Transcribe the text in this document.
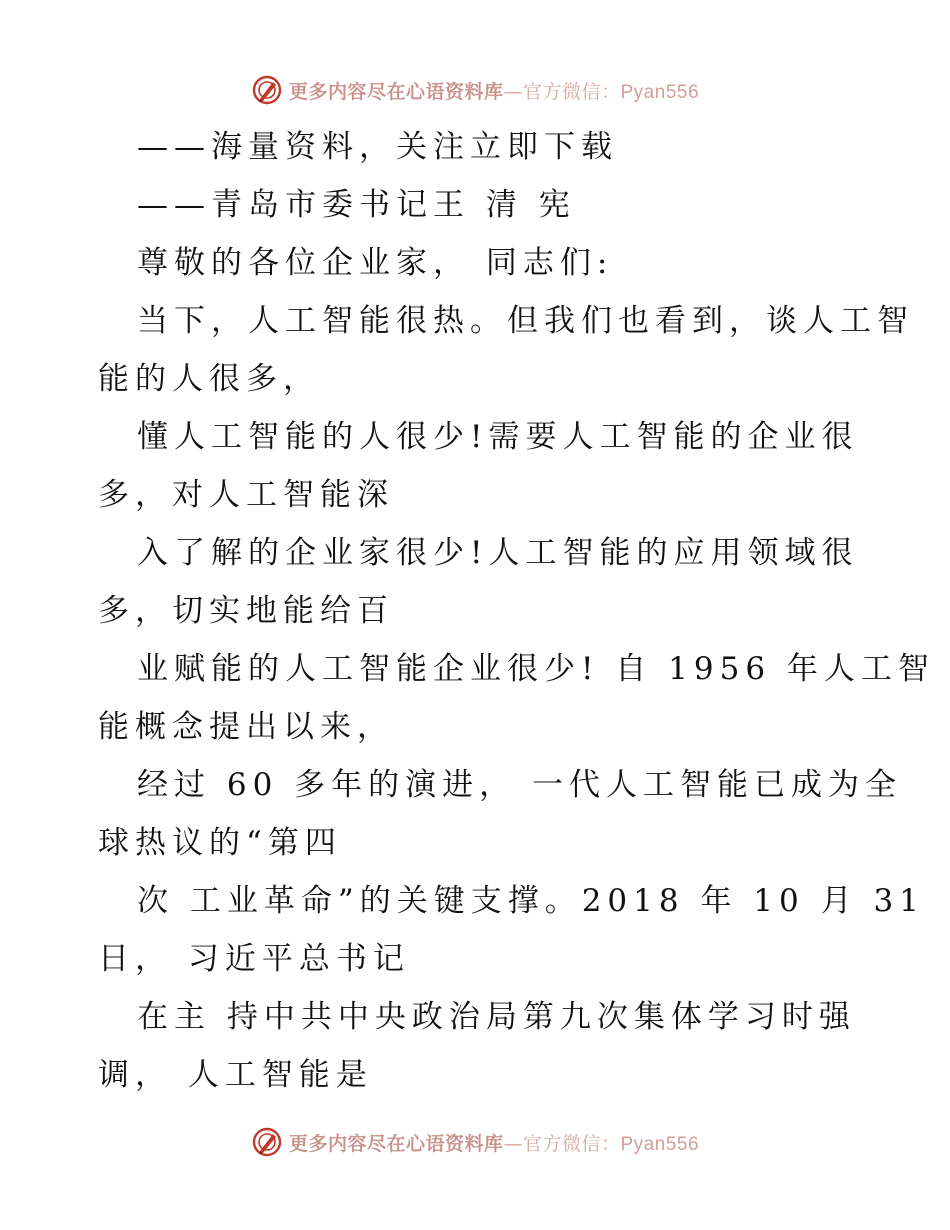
更多内容尽在心语资料库—官方微信：Pyan556
——海量资料，关注立即下载
——青岛市委书记王 清 宪
尊敬的各位企业家， 同志们:
当下，人工智能很热。但我们也看到，谈人工智
能的人很多，
懂人工智能的人很少!需要人工智能的企业很
多，对人工智能深
入了解的企业家很少!人工智能的应用领域很
多，切实地能给百
业赋能的人工智能企业很少! 自 1956 年人工智
能概念提出以来，
经过 60 多年的演进， 一代人工智能已成为全
球热议的“第四
次 工业革命”的关键支撑。2018 年 10 月 31
日， 习近平总书记
在主 持中共中央政治局第九次集体学习时强
调， 人工智能是
更多内容尽在心语资料库—官方微信：Pyan556
